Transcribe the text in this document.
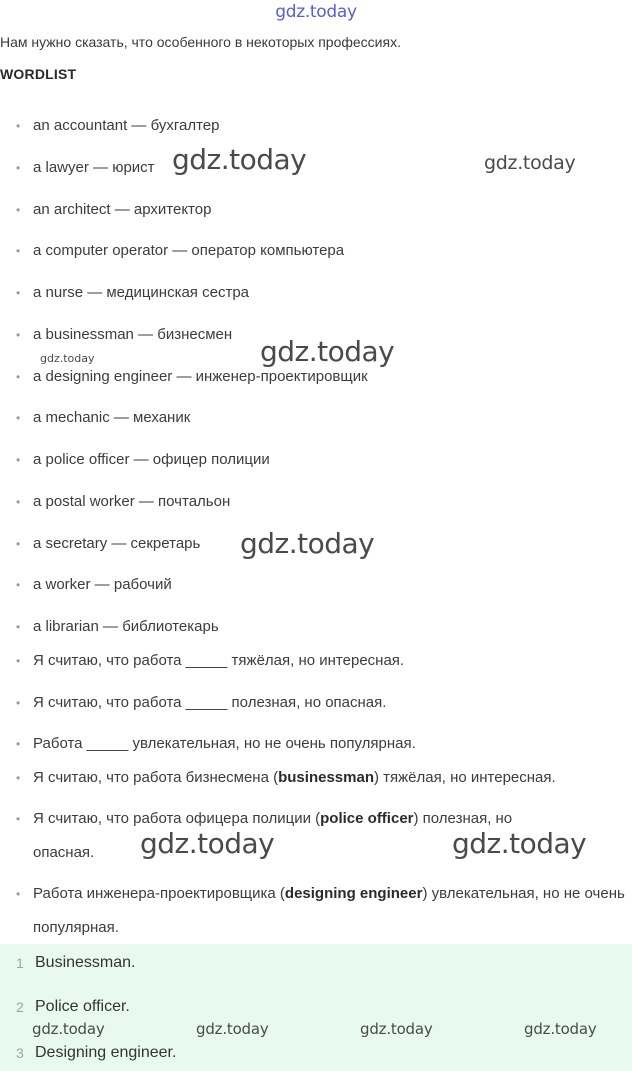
gdz.today
Нам нужно сказать, что особенного в некоторых профессиях.
WORDLIST
• an accountant — бухгалтер
• a lawyer — юрист
• an architect — архитектор
• a computer operator — оператор компьютера
• a nurse — медицинская сестра
• a businessman — бизнесмен
• a designing engineer — инженер-проектировщик
• a mechanic — механик
• a police officer — офицер полиции
• a postal worker — почтальон
• a secretary — секретарь
• a worker — рабочий
• a librarian — библиотекарь
• Я считаю, что работа _____ тяжёлая, но интересная.
• Я считаю, что работа _____ полезная, но опасная.
• Работа _____ увлекательная, но не очень популярная.
• Я считаю, что работа бизнесмена (businessman) тяжёлая, но интересная.
• Я считаю, что работа офицера полиции (police officer) полезная, но опасная.
• Работа инженера-проектировщика (designing engineer) увлекательная, но не очень популярная.
1 Businessman.
2 Police officer.
3 Designing engineer.
gdz.today	gdz.today
gdz.today
gdz.today
gdz.today
gdz.today	gdz.today
gdz.today	gdz.today	gdz.today	gdz.today
